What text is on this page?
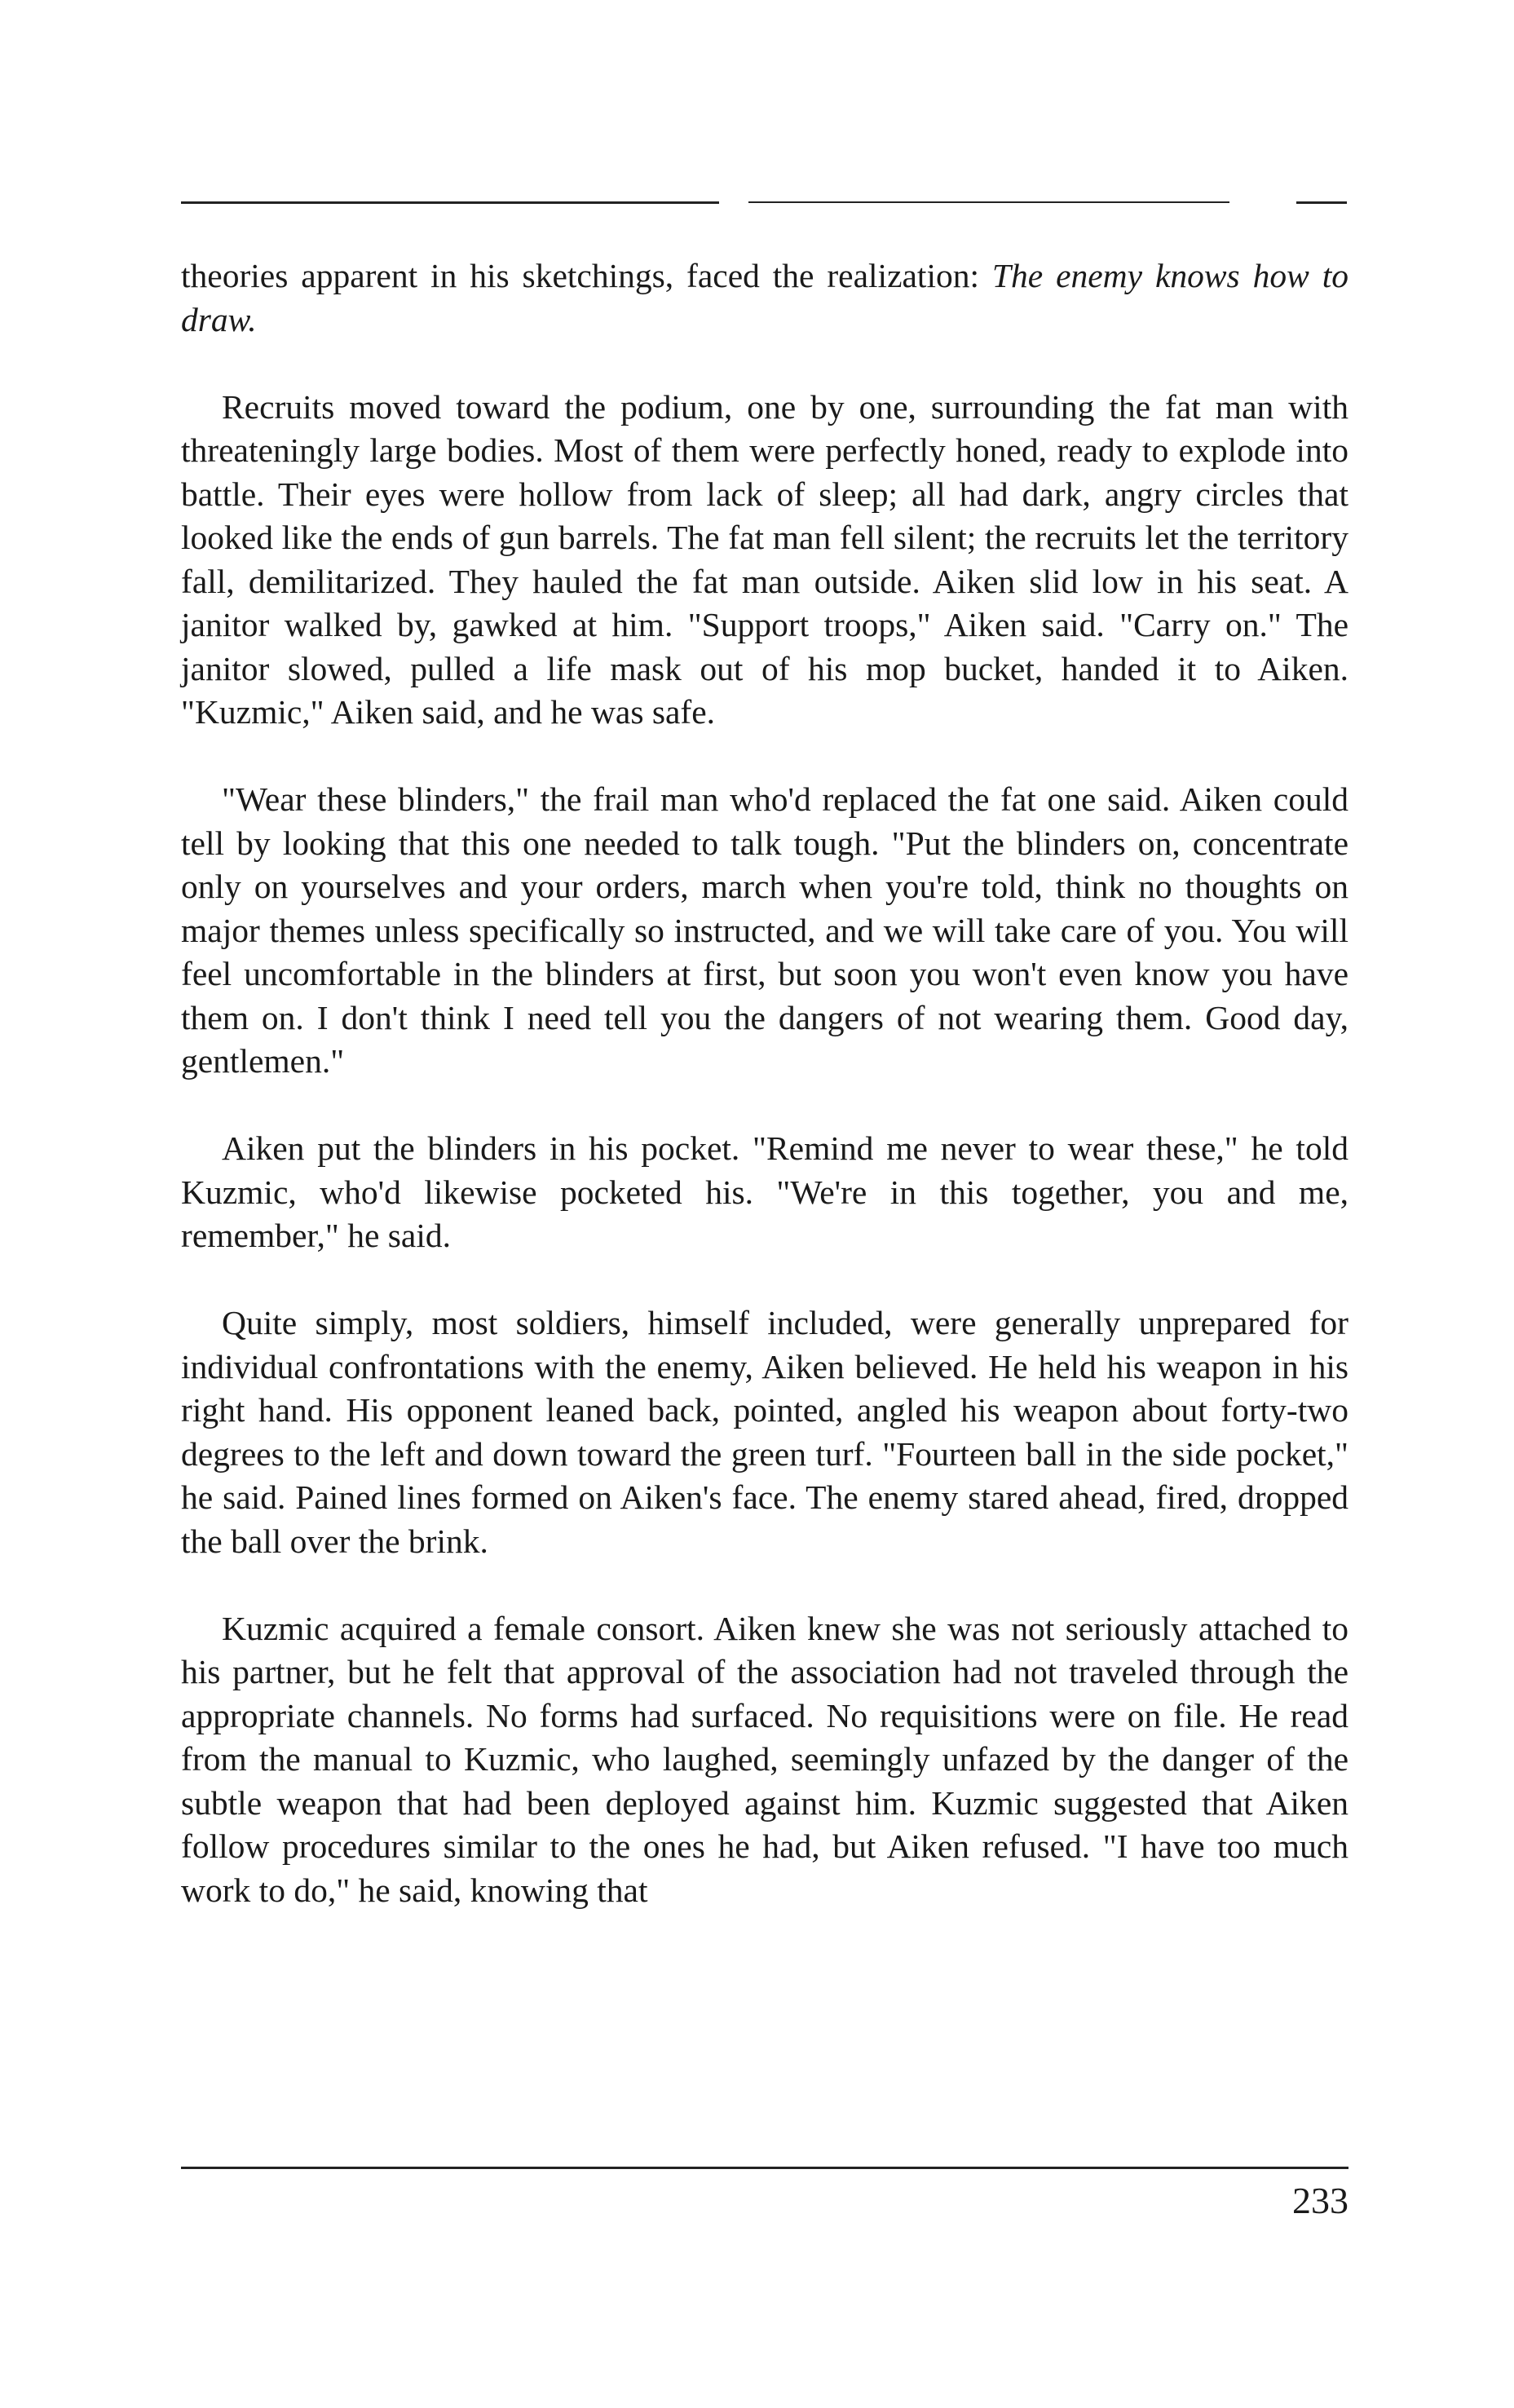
theories apparent in his sketchings, faced the realization: The enemy knows how to draw.

Recruits moved toward the podium, one by one, surrounding the fat man with threateningly large bodies. Most of them were perfectly honed, ready to explode into battle. Their eyes were hollow from lack of sleep; all had dark, angry circles that looked like the ends of gun barrels. The fat man fell silent; the recruits let the territory fall, demilitarized. They hauled the fat man outside. Aiken slid low in his seat. A janitor walked by, gawked at him. "Support troops," Aiken said. "Carry on." The janitor slowed, pulled a life mask out of his mop bucket, handed it to Aiken. "Kuzmic," Aiken said, and he was safe.

"Wear these blinders," the frail man who'd replaced the fat one said. Aiken could tell by looking that this one needed to talk tough. "Put the blinders on, concentrate only on yourselves and your orders, march when you're told, think no thoughts on major themes unless specifically so instructed, and we will take care of you. You will feel uncomfortable in the blinders at first, but soon you won't even know you have them on. I don't think I need tell you the dangers of not wearing them. Good day, gentlemen."

Aiken put the blinders in his pocket. "Remind me never to wear these," he told Kuzmic, who'd likewise pocketed his. "We're in this together, you and me, remember," he said.

Quite simply, most soldiers, himself included, were generally unprepared for individual confrontations with the enemy, Aiken believed. He held his weapon in his right hand. His opponent leaned back, pointed, angled his weapon about forty-two degrees to the left and down toward the green turf. "Fourteen ball in the side pocket," he said. Pained lines formed on Aiken's face. The enemy stared ahead, fired, dropped the ball over the brink.

Kuzmic acquired a female consort. Aiken knew she was not seriously attached to his partner, but he felt that approval of the association had not traveled through the appropriate channels. No forms had surfaced. No requisitions were on file. He read from the manual to Kuzmic, who laughed, seemingly unfazed by the danger of the subtle weapon that had been deployed against him. Kuzmic suggested that Aiken follow procedures similar to the ones he had, but Aiken refused. "I have too much work to do," he said, knowing that

233
